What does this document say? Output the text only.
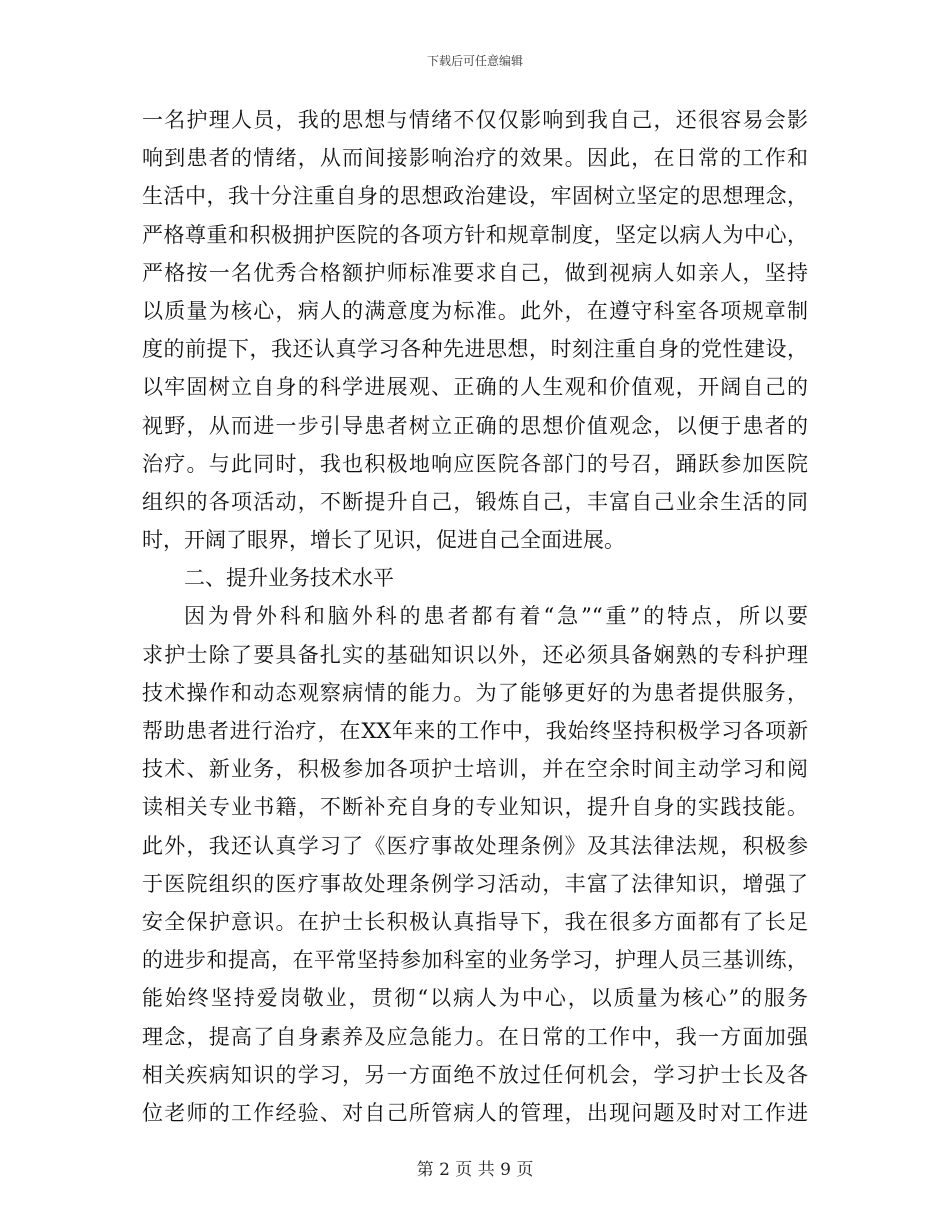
下载后可任意编辑
一名护理人员，我的思想与情绪不仅仅影响到我自己，还很容易会影
响到患者的情绪，从而间接影响治疗的效果。因此，在日常的工作和
生活中，我十分注重自身的思想政治建设，牢固树立坚定的思想理念，
严格尊重和积极拥护医院的各项方针和规章制度，坚定以病人为中心，
严格按一名优秀合格额护师标准要求自己，做到视病人如亲人，坚持
以质量为核心，病人的满意度为标准。此外，在遵守科室各项规章制
度的前提下，我还认真学习各种先进思想，时刻注重自身的党性建设，
以牢固树立自身的科学进展观、正确的人生观和价值观，开阔自己的
视野，从而进一步引导患者树立正确的思想价值观念，以便于患者的
治疗。与此同时，我也积极地响应医院各部门的号召，踊跃参加医院
组织的各项活动，不断提升自己，锻炼自己，丰富自己业余生活的同
时，开阔了眼界，增长了见识，促进自己全面进展。
二、提升业务技术水平
因为骨外科和脑外科的患者都有着“急”“重”的特点，所以要
求护士除了要具备扎实的基础知识以外，还必须具备娴熟的专科护理
技术操作和动态观察病情的能力。为了能够更好的为患者提供服务，
帮助患者进行治疗，在XX年来的工作中，我始终坚持积极学习各项新
技术、新业务，积极参加各项护士培训，并在空余时间主动学习和阅
读相关专业书籍，不断补充自身的专业知识，提升自身的实践技能。
此外，我还认真学习了《医疗事故处理条例》及其法律法规，积极参
于医院组织的医疗事故处理条例学习活动，丰富了法律知识，增强了
安全保护意识。在护士长积极认真指导下，我在很多方面都有了长足
的进步和提高，在平常坚持参加科室的业务学习，护理人员三基训练，
能始终坚持爱岗敬业，贯彻“以病人为中心，以质量为核心”的服务
理念，提高了自身素养及应急能力。在日常的工作中，我一方面加强
相关疾病知识的学习，另一方面绝不放过任何机会，学习护士长及各
位老师的工作经验、对自己所管病人的管理，出现问题及时对工作进
第 2 页 共 9 页
